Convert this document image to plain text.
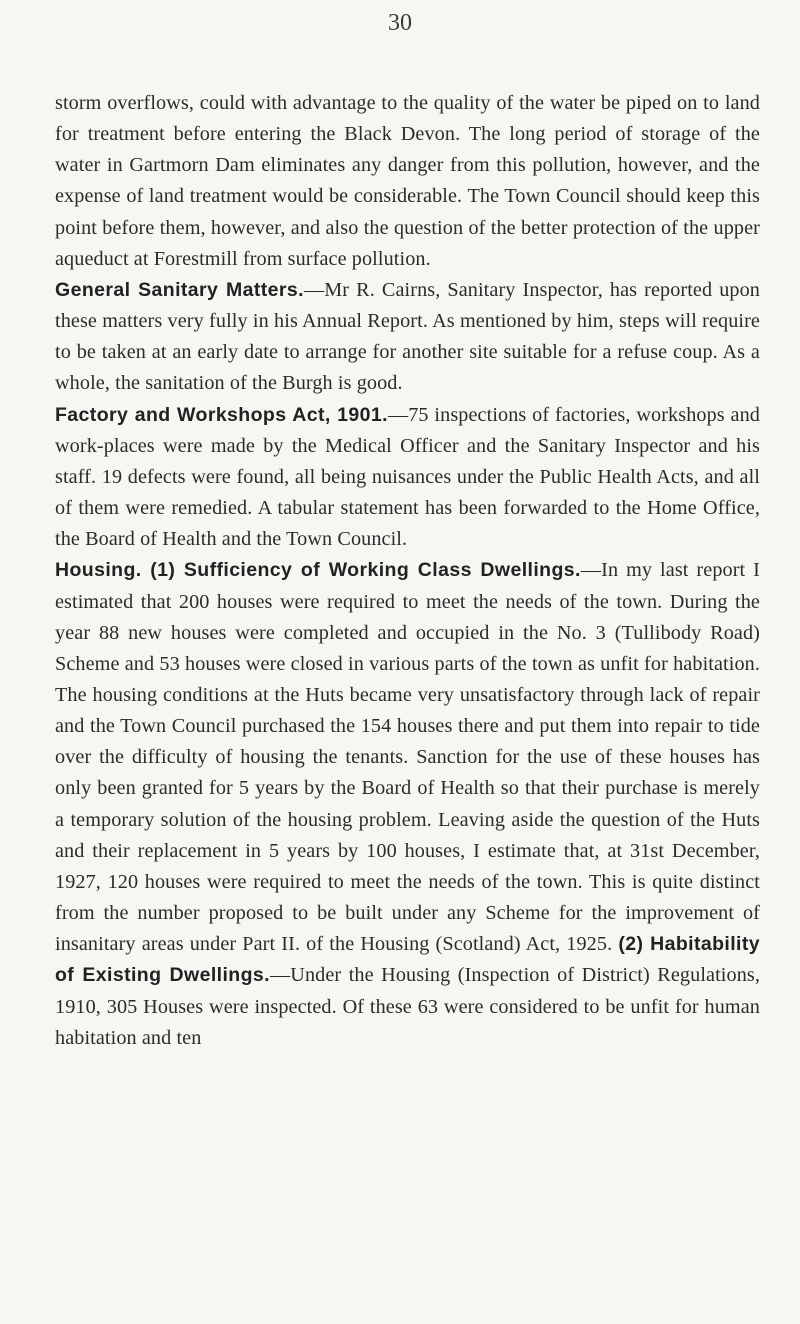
30

storm overflows, could with advantage to the quality of the water be piped on to land for treatment before entering the Black Devon. The long period of storage of the water in Gartmorn Dam eliminates any danger from this pollution, however, and the expense of land treatment would be considerable. The Town Council should keep this point before them, however, and also the question of the better protection of the upper aqueduct at Forestmill from surface pollution.

General Sanitary Matters.—Mr R. Cairns, Sanitary Inspector, has reported upon these matters very fully in his Annual Report. As mentioned by him, steps will require to be taken at an early date to arrange for another site suitable for a refuse coup. As a whole, the sanitation of the Burgh is good.

Factory and Workshops Act, 1901.—75 inspections of factories, workshops and work-places were made by the Medical Officer and the Sanitary Inspector and his staff. 19 defects were found, all being nuisances under the Public Health Acts, and all of them were remedied. A tabular statement has been forwarded to the Home Office, the Board of Health and the Town Council.

Housing. (1) Sufficiency of Working Class Dwellings.—In my last report I estimated that 200 houses were required to meet the needs of the town. During the year 88 new houses were completed and occupied in the No. 3 (Tullibody Road) Scheme and 53 houses were closed in various parts of the town as unfit for habitation. The housing conditions at the Huts became very unsatisfactory through lack of repair and the Town Council purchased the 154 houses there and put them into repair to tide over the difficulty of housing the tenants. Sanction for the use of these houses has only been granted for 5 years by the Board of Health so that their purchase is merely a temporary solution of the housing problem. Leaving aside the question of the Huts and their replacement in 5 years by 100 houses, I estimate that, at 31st December, 1927, 120 houses were required to meet the needs of the town. This is quite distinct from the number proposed to be built under any Scheme for the improvement of insanitary areas under Part II. of the Housing (Scotland) Act, 1925. (2) Habitability of Existing Dwellings.—Under the Housing (Inspection of District) Regulations, 1910, 305 Houses were inspected. Of these 63 were considered to be unfit for human habitation and ten
